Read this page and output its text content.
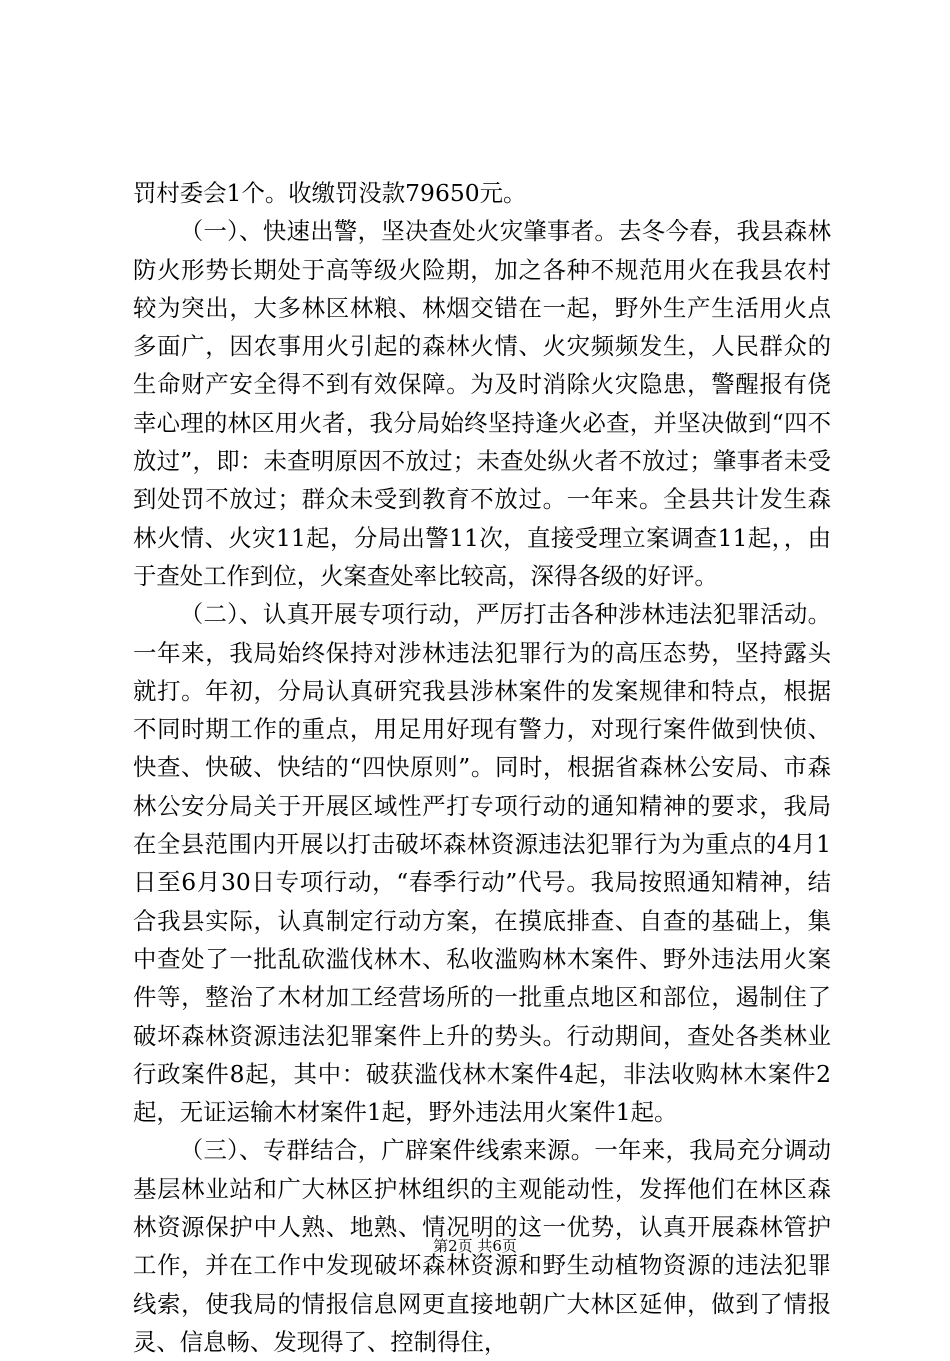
罚村委会1个。收缴罚没款79650元。

（一）、快速出警，坚决查处火灾肇事者。去冬今春，我县森林防火形势长期处于高等级火险期，加之各种不规范用火在我县农村较为突出，大多林区林粮、林烟交错在一起，野外生产生活用火点多面广，因农事用火引起的森林火情、火灾频频发生，人民群众的生命财产安全得不到有效保障。为及时消除火灾隐患，警醒报有侥幸心理的林区用火者，我分局始终坚持逢火必查，并坚决做到“四不放过”，即：未查明原因不放过；未查处纵火者不放过；肇事者未受到处罚不放过；群众未受到教育不放过。一年来。全县共计发生森林火情、火灾11起，分局出警11次，直接受理立案调查11起，，由于查处工作到位，火案查处率比较高，深得各级的好评。

（二）、认真开展专项行动，严厉打击各种涉林违法犯罪活动。一年来，我局始终保持对涉林违法犯罪行为的高压态势，坚持露头就打。年初，分局认真研究我县涉林案件的发案规律和特点，根据不同时期工作的重点，用足用好现有警力，对现行案件做到快侦、快查、快破、快结的“四快原则”。同时，根据省森林公安局、市森林公安分局关于开展区域性严打专项行动的通知精神的要求，我局在全县范围内开展以打击破坏森林资源违法犯罪行为为重点的4月1日至6月30日专项行动，“春季行动”代号。我局按照通知精神，结合我县实际，认真制定行动方案，在摸底排查、自查的基础上，集中查处了一批乱砍滥伐林木、私收滥购林木案件、野外违法用火案件等，整治了木材加工经营场所的一批重点地区和部位，遏制住了破坏森林资源违法犯罪案件上升的势头。行动期间，查处各类林业行政案件8起，其中：破获滥伐林木案件4起，非法收购林木案件2起，无证运输木材案件1起，野外违法用火案件1起。

（三）、专群结合，广辟案件线索来源。一年来，我局充分调动基层林业站和广大林区护林组织的主观能动性，发挥他们在林区森林资源保护中人熟、地熟、情况明的这一优势，认真开展森林管护工作，并在工作中发现破坏森林资源和野生动植物资源的违法犯罪线索，使我局的情报信息网更直接地朝广大林区延伸，做到了情报灵、信息畅、发现得了、控制得住，

第2页 共6页
